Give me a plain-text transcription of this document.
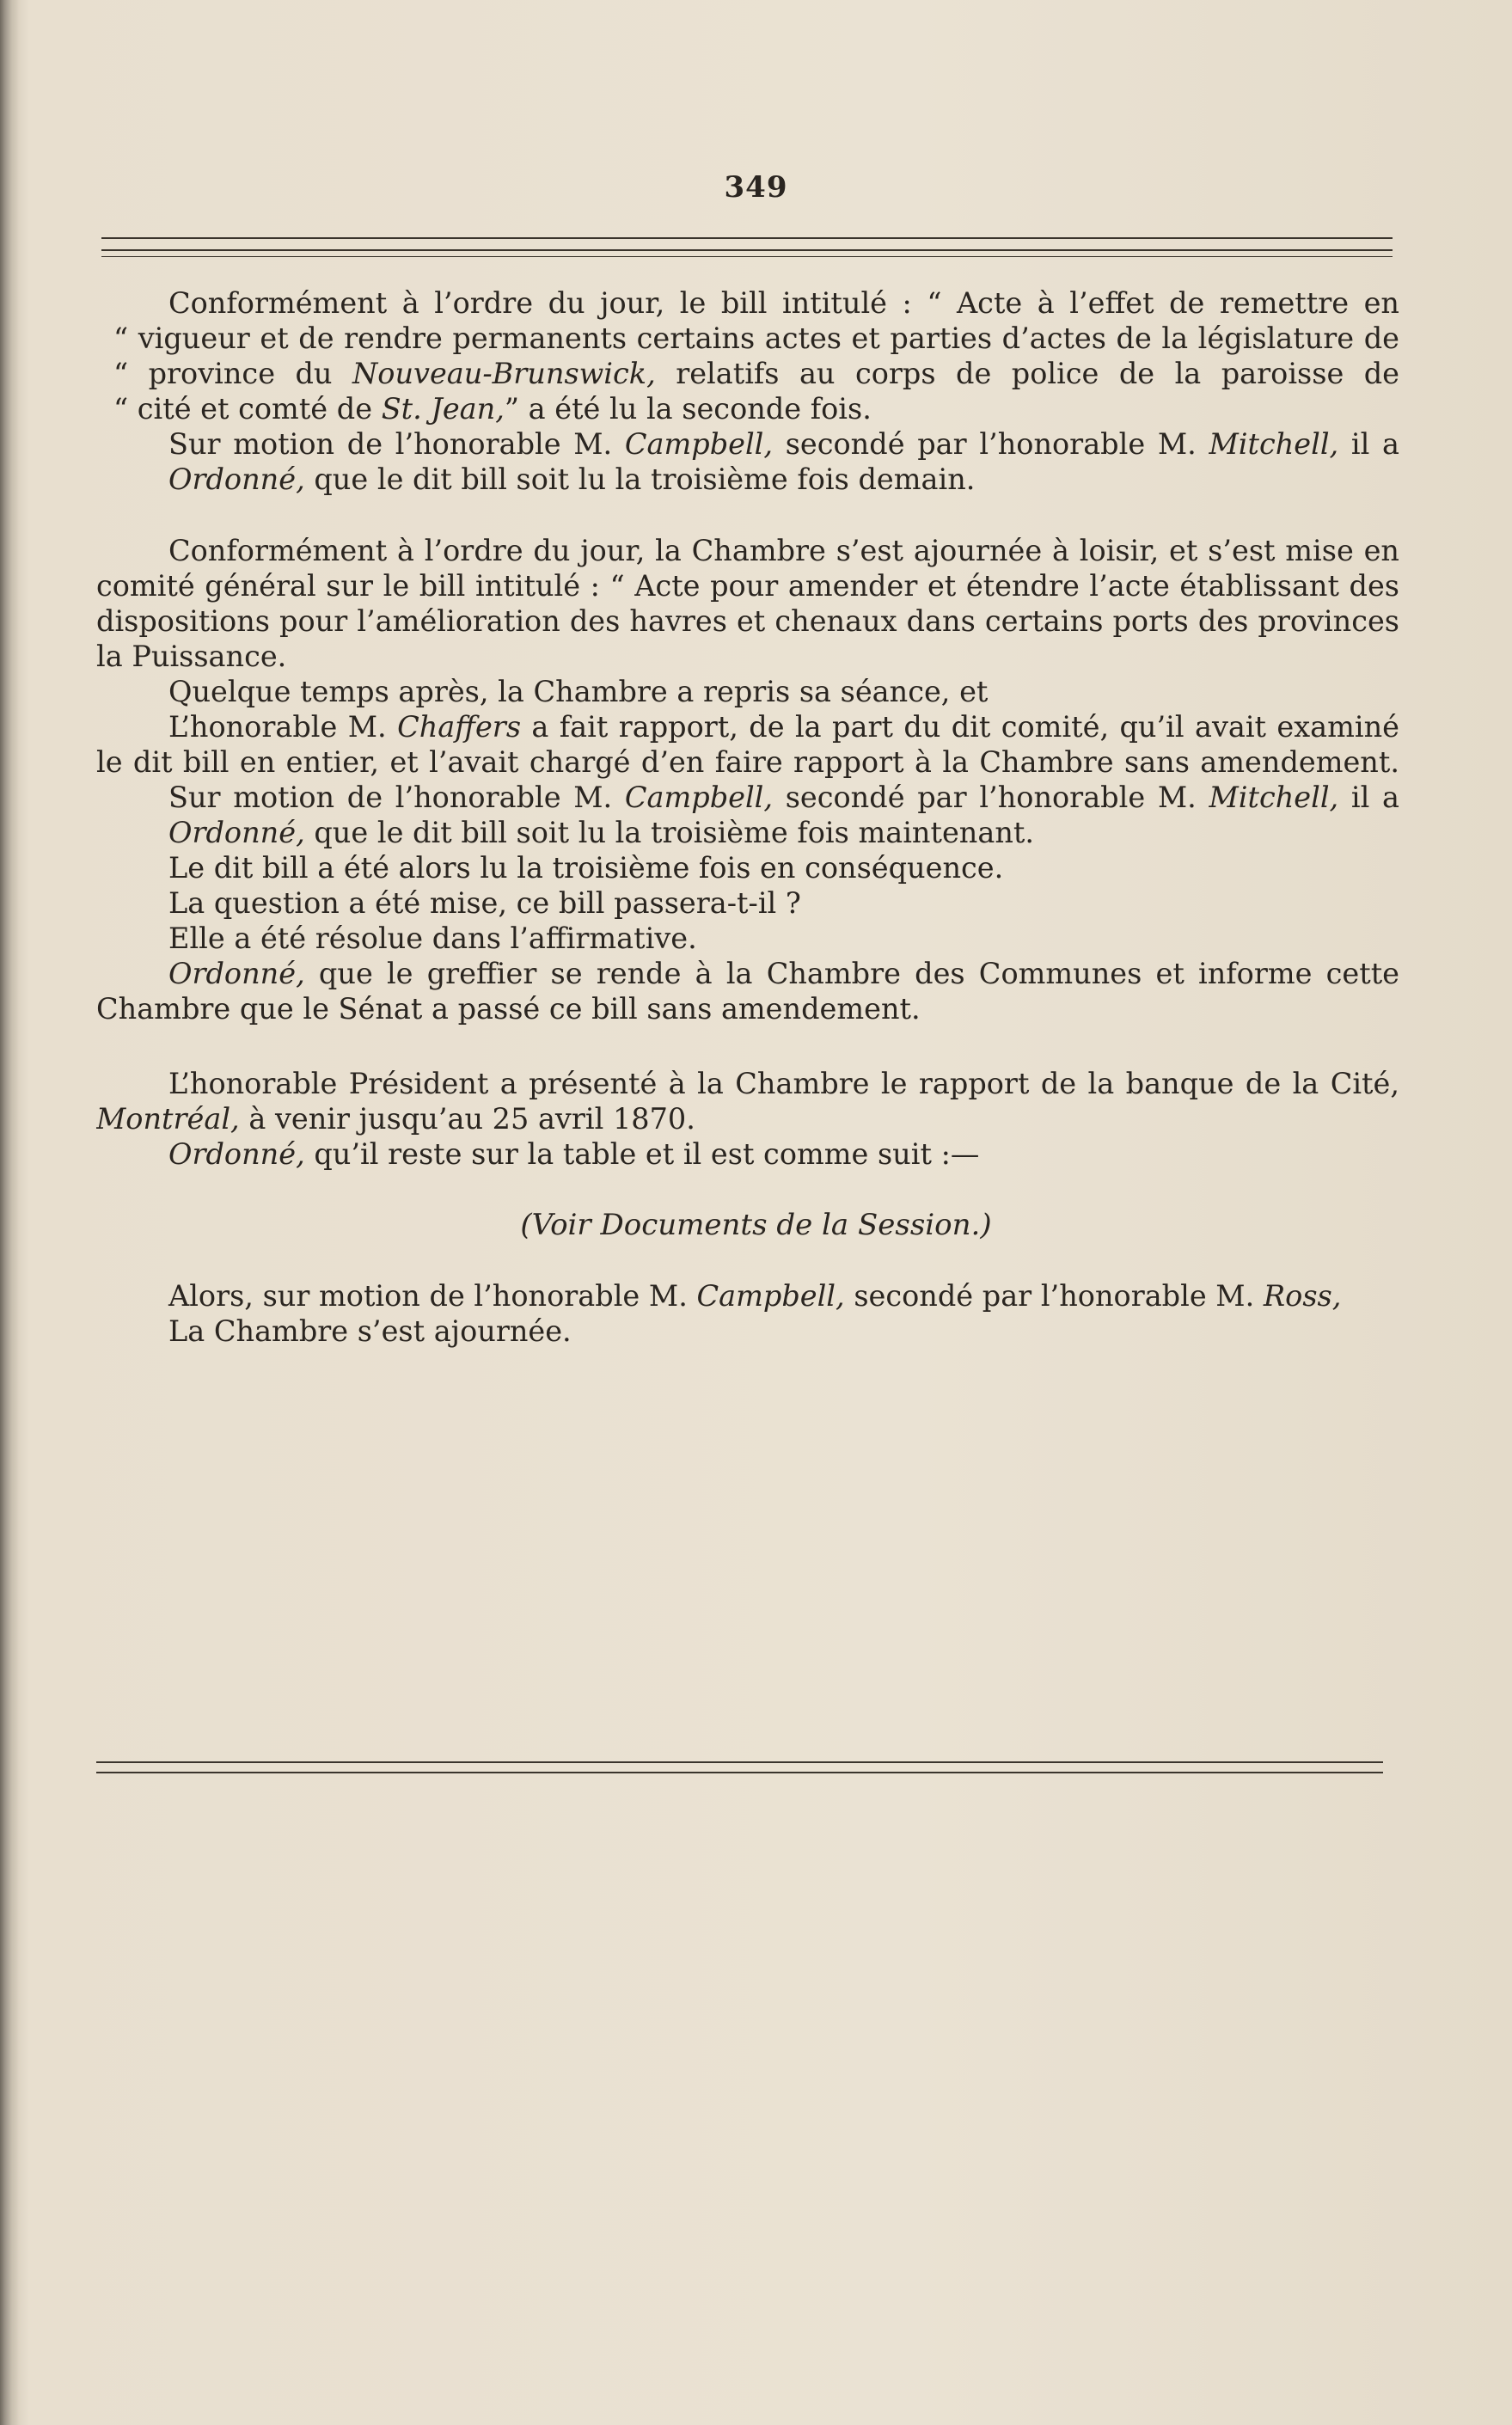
349
Conformément à l’ordre du jour, le bill intitulé : “ Acte à l’effet de remettre en
“ vigueur et de rendre permanents certains actes et parties d’actes de la législature de
“ province du Nouveau-Brunswick, relatifs au corps de police de la paroisse de
“ cité et comté de St. Jean,” a été lu la seconde fois.
Sur motion de l’honorable M. Campbell, secondé par l’honorable M. Mitchell, il a
Ordonné, que le dit bill soit lu la troisième fois demain.
Conformément à l’ordre du jour, la Chambre s’est ajournée à loisir, et s’est mise en
comité général sur le bill intitulé : “ Acte pour amender et étendre l’acte établissant des
dispositions pour l’amélioration des havres et chenaux dans certains ports des provinces
la Puissance.
Quelque temps après, la Chambre a repris sa séance, et
L’honorable M. Chaffers a fait rapport, de la part du dit comité, qu’il avait examiné
le dit bill en entier, et l’avait chargé d’en faire rapport à la Chambre sans amendement.
Sur motion de l’honorable M. Campbell, secondé par l’honorable M. Mitchell, il a
Ordonné, que le dit bill soit lu la troisième fois maintenant.
Le dit bill a été alors lu la troisième fois en conséquence.
La question a été mise, ce bill passera-t-il ?
Elle a été résolue dans l’affirmative.
Ordonné, que le greffier se rende à la Chambre des Communes et informe cette
Chambre que le Sénat a passé ce bill sans amendement.
L’honorable Président a présenté à la Chambre le rapport de la banque de la Cité,
Montréal, à venir jusqu’au 25 avril 1870.
Ordonné, qu’il reste sur la table et il est comme suit :—
(Voir Documents de la Session.)
Alors, sur motion de l’honorable M. Campbell, secondé par l’honorable M. Ross,
La Chambre s’est ajournée.
